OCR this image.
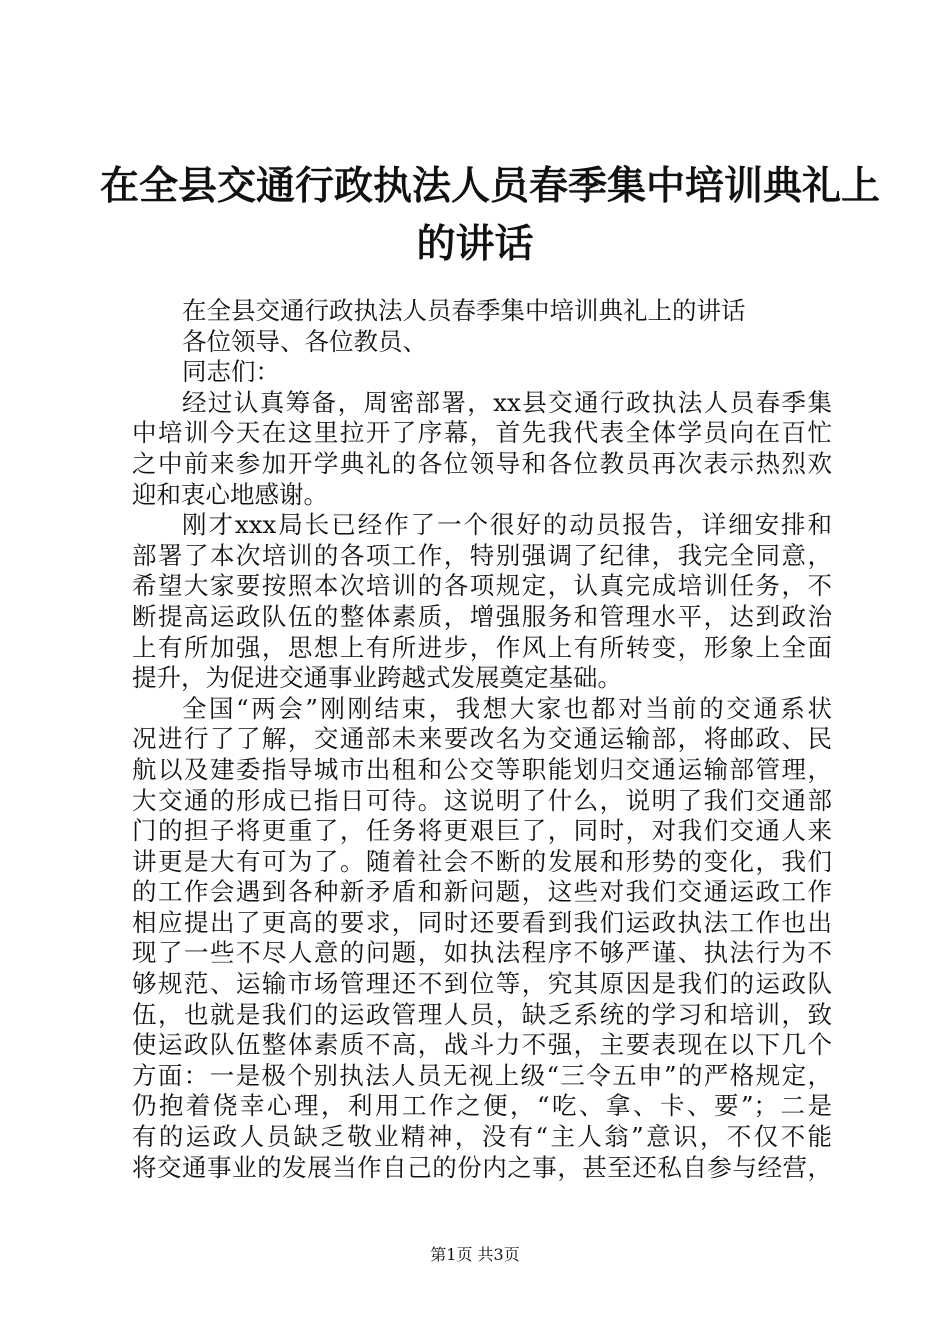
在全县交通行政执法人员春季集中培训典礼上
的讲话
在全县交通行政执法人员春季集中培训典礼上的讲话
各位领导、各位教员、
同志们：
经过认真筹备，周密部署，xx县交通行政执法人员春季集
中培训今天在这里拉开了序幕，首先我代表全体学员向在百忙
之中前来参加开学典礼的各位领导和各位教员再次表示热烈欢
迎和衷心地感谢。
刚才xxx局长已经作了一个很好的动员报告，详细安排和
部署了本次培训的各项工作，特别强调了纪律，我完全同意，
希望大家要按照本次培训的各项规定，认真完成培训任务，不
断提高运政队伍的整体素质，增强服务和管理水平，达到政治
上有所加强，思想上有所进步，作风上有所转变，形象上全面
提升，为促进交通事业跨越式发展奠定基础。
全国“两会”刚刚结束，我想大家也都对当前的交通系状
况进行了了解，交通部未来要改名为交通运输部，将邮政、民
航以及建委指导城市出租和公交等职能划归交通运输部管理，
大交通的形成已指日可待。这说明了什么，说明了我们交通部
门的担子将更重了，任务将更艰巨了，同时，对我们交通人来
讲更是大有可为了。随着社会不断的发展和形势的变化，我们
的工作会遇到各种新矛盾和新问题，这些对我们交通运政工作
相应提出了更高的要求，同时还要看到我们运政执法工作也出
现了一些不尽人意的问题，如执法程序不够严谨、执法行为不
够规范、运输市场管理还不到位等，究其原因是我们的运政队
伍，也就是我们的运政管理人员，缺乏系统的学习和培训，致
使运政队伍整体素质不高，战斗力不强，主要表现在以下几个
方面：一是极个别执法人员无视上级“三令五申”的严格规定，
仍抱着侥幸心理，利用工作之便，“吃、拿、卡、要”；二是
有的运政人员缺乏敬业精神，没有“主人翁”意识，不仅不能
将交通事业的发展当作自己的份内之事，甚至还私自参与经营，
第1页 共3页
